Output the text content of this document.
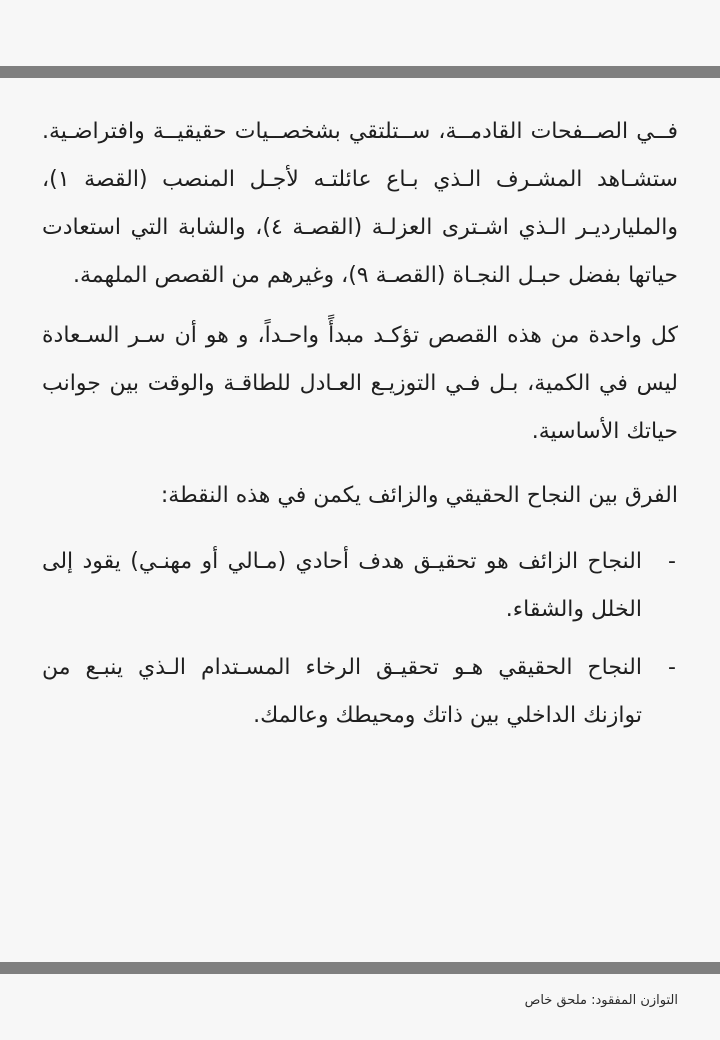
فــي الصــفحات القادمــة، ســتلتقي بشخصــيات حقيقيــة وافتراضـية. ستشـاهد المشـرف الـذي بـاع عائلتـه لأجـل المنصب (القصة ١)، والمليارديـر الـذي اشـترى العزلـة (القصـة ٤)، والشابة التي استعادت حياتها بفضل حبـل النجـاة (القصـة ٩)، وغيرهم من القصص الملهمة.

كل واحدة من هذه القصص تؤكـد مبدأً واحـداً، و هو أن سـر السـعادة ليس في الكمية، بـل فـي التوزيـع العـادل للطاقـة والوقت بين جوانب حياتك الأساسية.

الفرق بين النجاح الحقيقي والزائف يكمن في هذه النقطة:

-
النجاح الزائف هو تحقيـق هدف أحادي (مـالي أو مهنـي) يقود إلى الخلل والشقاء.
-
النجاح الحقيقي هـو تحقيـق الرخاء المسـتدام الـذي ينبـع من توازنك الداخلي بين ذاتك ومحيطك وعالمك.
التوازن المفقود: ملحق خاص
